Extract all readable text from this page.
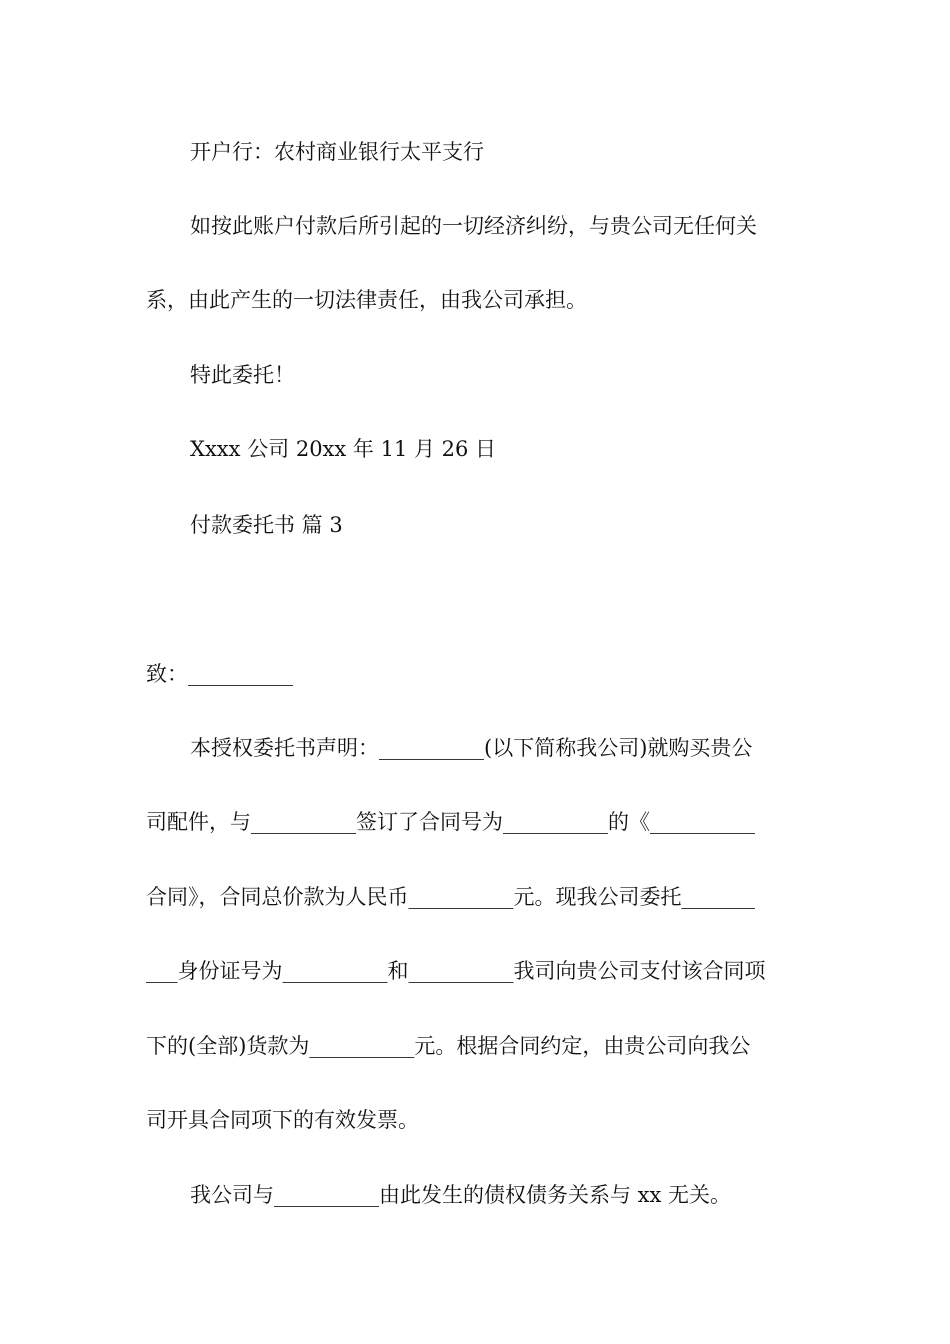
开户行：农村商业银行太平支行
如按此账户付款后所引起的一切经济纠纷，与贵公司无任何关
系，由此产生的一切法律责任，由我公司承担。
特此委托！
Xxxx 公司 20xx 年 11 月 26 日
付款委托书 篇 3
致：__________
本授权委托书声明：__________(以下简称我公司)就购买贵公
司配件，与__________签订了合同号为__________的《__________
合同》，合同总价款为人民币__________元。现我公司委托_______
___身份证号为__________和__________我司向贵公司支付该合同项
下的(全部)货款为__________元。根据合同约定，由贵公司向我公
司开具合同项下的有效发票。
我公司与__________由此发生的债权债务关系与 xx 无关。
